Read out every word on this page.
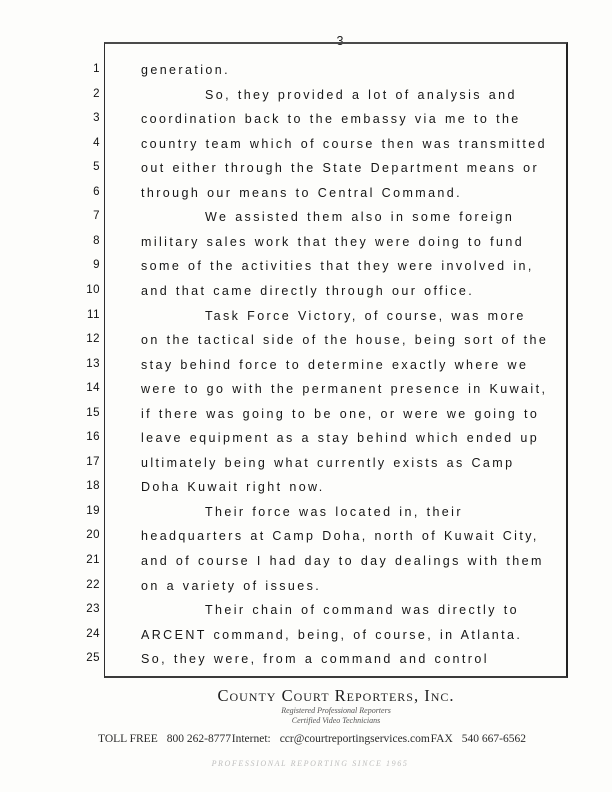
3
1	generation.
2	So, they provided a lot of analysis and
3	coordination back to the embassy via me to the
4	country team which of course then was transmitted
5	out either through the State Department means or
6	through our means to Central Command.
7	We assisted them also in some foreign
8	military sales work that they were doing to fund
9	some of the activities that they were involved in,
10	and that came directly through our office.
11	Task Force Victory, of course, was more
12	on the tactical side of the house, being sort of the
13	stay behind force to determine exactly where we
14	were to go with the permanent presence in Kuwait,
15	if there was going to be one, or were we going to
16	leave equipment as a stay behind which ended up
17	ultimately being what currently exists as Camp
18	Doha Kuwait right now.
19	Their force was located in, their
20	headquarters at Camp Doha, north of Kuwait City,
21	and of course I had day to day dealings with them
22	on a variety of issues.
23	Their chain of command was directly to
24	ARCENT command, being, of course, in Atlanta.
25	So, they were, from a command and control
County Court Reporters, Inc.
Registered Professional Reporters
Certified Video Technicians
TOLL FREE 800 262-8777 Internet: ccr@courtreportingservices.com FAX 540 667-6562
PROFESSIONAL REPORTING SINCE 1965
